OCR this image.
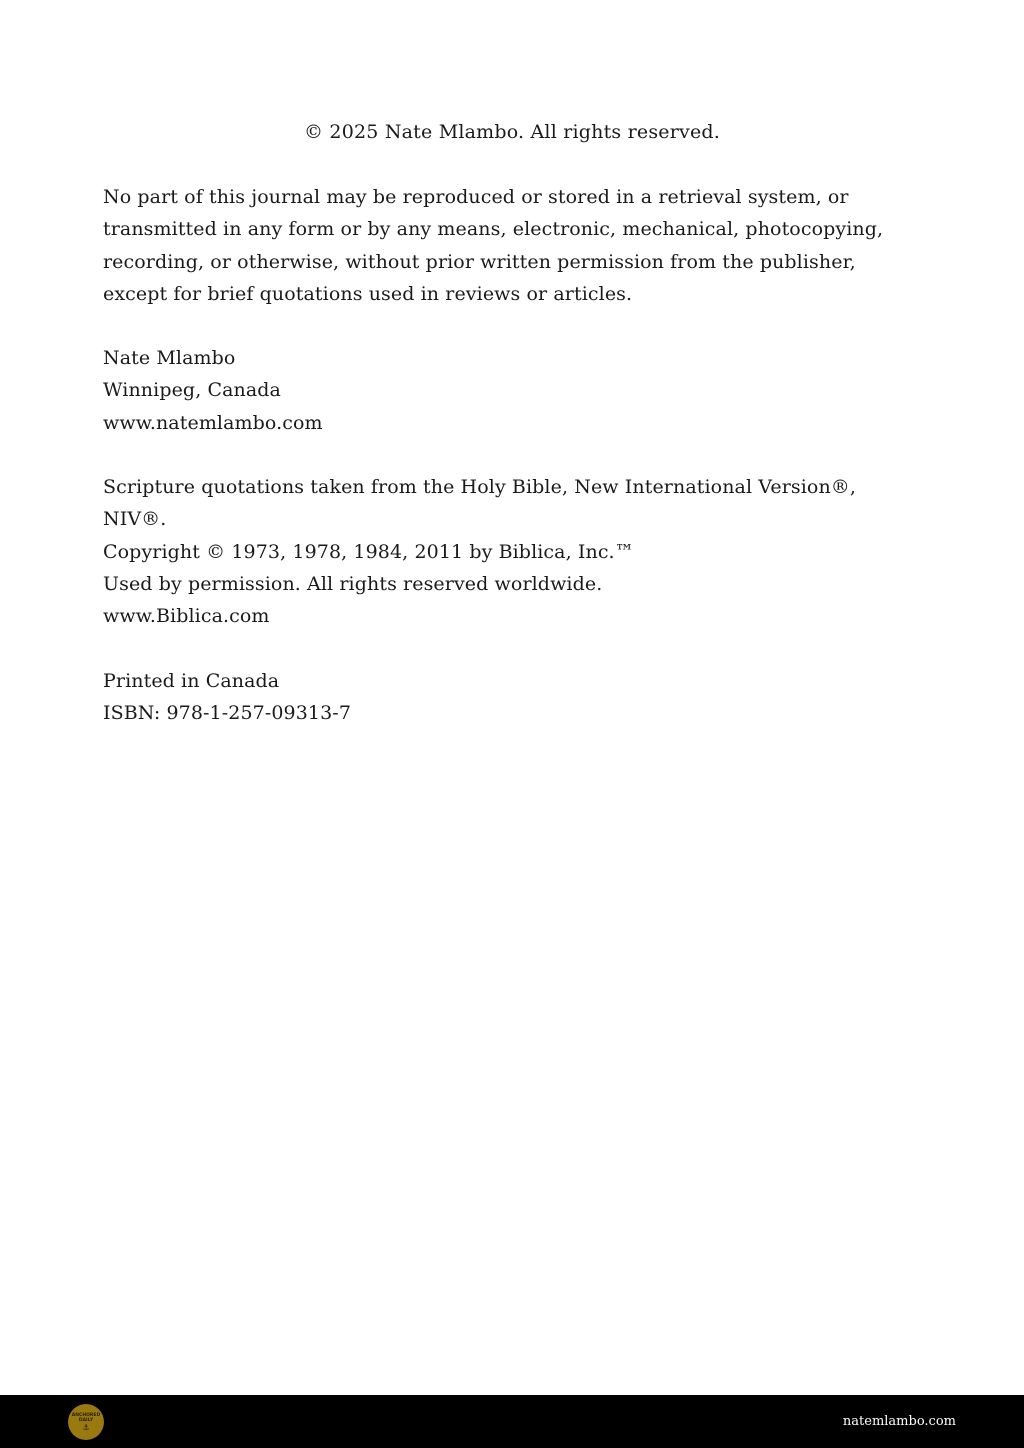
© 2025 Nate Mlambo. All rights reserved.

No part of this journal may be reproduced or stored in a retrieval system, or transmitted in any form or by any means, electronic, mechanical, photocopying, recording, or otherwise, without prior written permission from the publisher, except for brief quotations used in reviews or articles.

Nate Mlambo

Winnipeg, Canada

www.natemlambo.com

Scripture quotations taken from the Holy Bible, New International Version®, NIV®.

Copyright © 1973, 1978, 1984, 2011 by Biblica, Inc.™

Used by permission. All rights reserved worldwide.

www.Biblica.com

Printed in Canada

ISBN: 978-1-257-09313-7

ANCHORED DAILY
⚓	natemlambo.com
